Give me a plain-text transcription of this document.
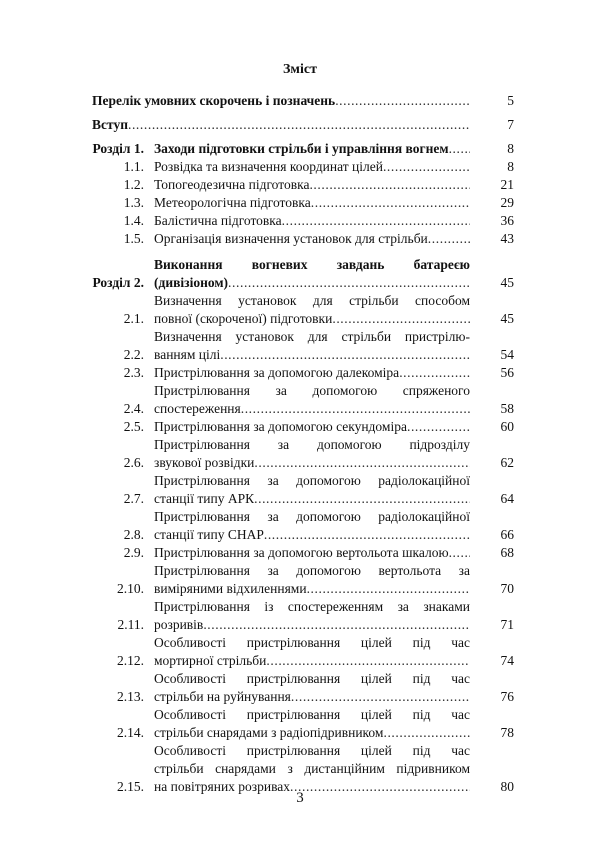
Зміст
Перелік умовних скорочень і позначень .....	5
Вступ .....	7
Розділ 1. Заходи підготовки стрільби і управління вогнем .....	8
1.1. Розвідка та визначення координат цілей .....	8
1.2. Топогеодезична підготовка .....	21
1.3. Метеорологічна підготовка .....	29
1.4. Балістична підготовка .....	36
1.5. Організація визначення установок для стрільби .....	43
Розділ 2.
Виконання вогневих завдань батареєю
(дивізіоном) .....	45
2.1.
Визначення установок для стрільби способом
повної (скороченої) підготовки .....	45
2.2.
Визначення установок для стрільби пристрілю-
ванням цілі .....	54
2.3. Пристрілювання за допомогою далекоміра .....	56
2.4.
Пристрілювання за допомогою спряженого
спостереження .....	58
2.5. Пристрілювання за допомогою секундоміра .....	60
2.6.
Пристрілювання за допомогою підрозділу
звукової розвідки .....	62
2.7.
Пристрілювання за допомогою радіолокаційної
станції типу АРК .....	64
2.8.
Пристрілювання за допомогою радіолокаційної
станції типу СНАР .....	66
2.9. Пристрілювання за допомогою вертольота шкалою .....	68
2.10.
Пристрілювання за допомогою вертольота за
виміряними відхиленнями .....	70
2.11.
Пристрілювання із спостереженням за знаками
розривів .....	71
2.12.
Особливості пристрілювання цілей під час
мортирної стрільби .....	74
2.13.
Особливості пристрілювання цілей під час
стрільби на руйнування .....	76
2.14.
Особливості пристрілювання цілей під час
стрільби снарядами з радіопідривником .....	78
2.15.
Особливості пристрілювання цілей під час
стрільби снарядами з дистанційним підривником
на повітряних розривах .....	80
3
